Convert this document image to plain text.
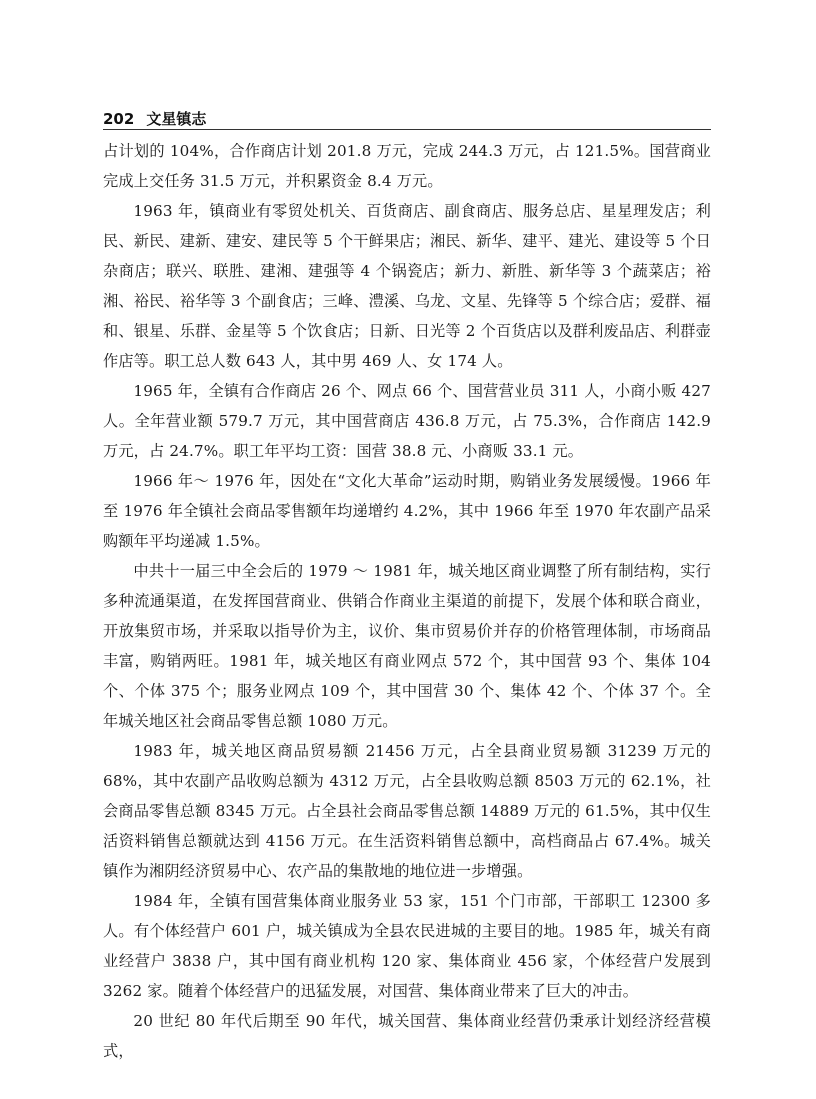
202 文星镇志

占计划的 104%，合作商店计划 201.8 万元，完成 244.3 万元，占 121.5%。国营商业完成上交任务 31.5 万元，并积累资金 8.4 万元。

1963 年，镇商业有零贸处机关、百货商店、副食商店、服务总店、星星理发店；利民、新民、建新、建安、建民等 5 个干鲜果店；湘民、新华、建平、建光、建设等 5 个日杂商店；联兴、联胜、建湘、建强等 4 个锅瓷店；新力、新胜、新华等 3 个蔬菜店；裕湘、裕民、裕华等 3 个副食店；三峰、澧溪、乌龙、文星、先锋等 5 个综合店；爱群、福和、银星、乐群、金星等 5 个饮食店；日新、日光等 2 个百货店以及群利废品店、利群壶作店等。职工总人数 643 人，其中男 469 人、女 174 人。

1965 年，全镇有合作商店 26 个、网点 66 个、国营营业员 311 人，小商小贩 427 人。全年营业额 579.7 万元，其中国营商店 436.8 万元，占 75.3%，合作商店 142.9 万元，占 24.7%。职工年平均工资：国营 38.8 元、小商贩 33.1 元。

1966 年～ 1976 年，因处在“文化大革命”运动时期，购销业务发展缓慢。1966 年至 1976 年全镇社会商品零售额年均递增约 4.2%，其中 1966 年至 1970 年农副产品采购额年平均递减 1.5%。

中共十一届三中全会后的 1979 ～ 1981 年，城关地区商业调整了所有制结构，实行多种流通渠道，在发挥国营商业、供销合作商业主渠道的前提下，发展个体和联合商业，开放集贸市场，并采取以指导价为主，议价、集市贸易价并存的价格管理体制，市场商品丰富，购销两旺。1981 年，城关地区有商业网点 572 个，其中国营 93 个、集体 104 个、个体 375 个；服务业网点 109 个，其中国营 30 个、集体 42 个、个体 37 个。全年城关地区社会商品零售总额 1080 万元。

1983 年，城关地区商品贸易额 21456 万元，占全县商业贸易额 31239 万元的 68%，其中农副产品收购总额为 4312 万元，占全县收购总额 8503 万元的 62.1%，社会商品零售总额 8345 万元。占全县社会商品零售总额 14889 万元的 61.5%，其中仅生活资料销售总额就达到 4156 万元。在生活资料销售总额中，高档商品占 67.4%。城关镇作为湘阴经济贸易中心、农产品的集散地的地位进一步增强。

1984 年，全镇有国营集体商业服务业 53 家，151 个门市部，干部职工 12300 多人。有个体经营户 601 户，城关镇成为全县农民进城的主要目的地。1985 年，城关有商业经营户 3838 户，其中国有商业机构 120 家、集体商业 456 家，个体经营户发展到 3262 家。随着个体经营户的迅猛发展，对国营、集体商业带来了巨大的冲击。

20 世纪 80 年代后期至 90 年代，城关国营、集体商业经营仍秉承计划经济经营模式，
